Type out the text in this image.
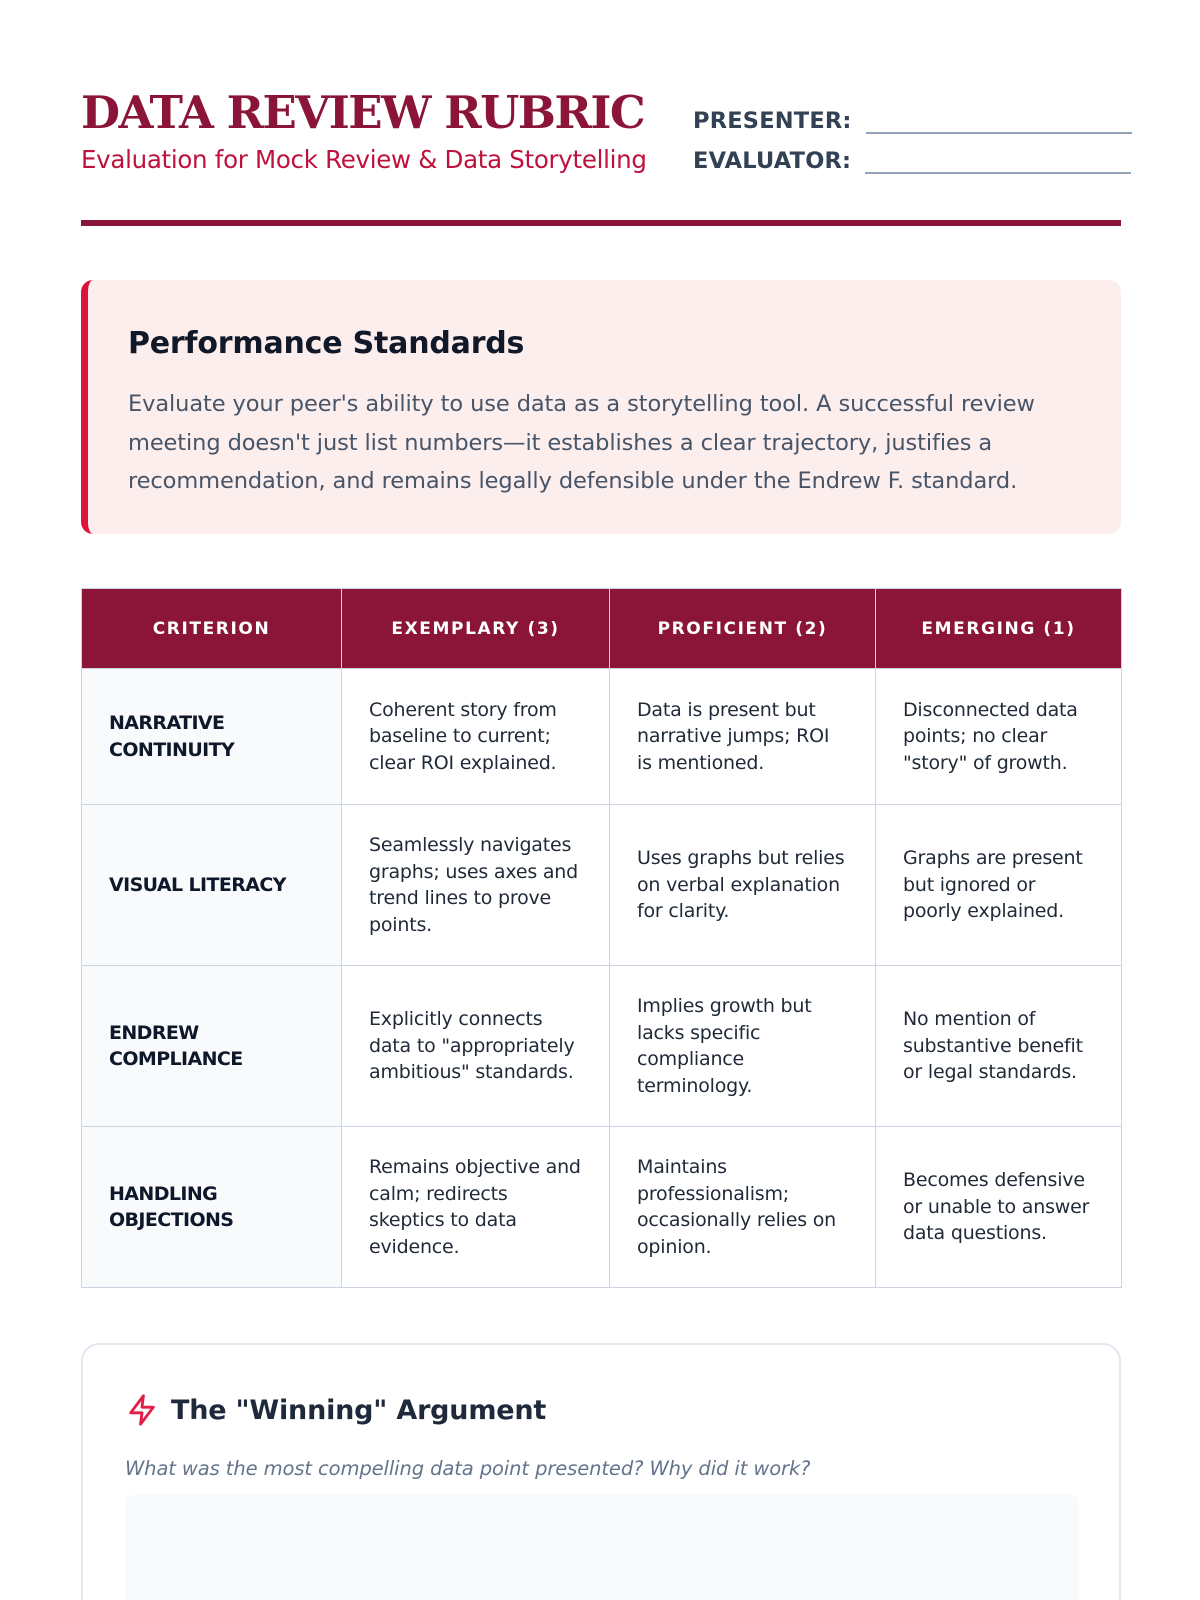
DATA REVIEW RUBRIC
Evaluation for Mock Review & Data Storytelling
PRESENTER:
EVALUATOR:
Performance Standards

Evaluate your peer's ability to use data as a storytelling tool. A successful review meeting doesn't just list numbers—it establishes a clear trajectory, justifies a recommendation, and remains legally defensible under the Endrew F. standard.

CRITERION	EXEMPLARY (3)	PROFICIENT (2)	EMERGING (1)
NARRATIVE CONTINUITY	Coherent story from baseline to current; clear ROI explained.	Data is present but narrative jumps; ROI is mentioned.	Disconnected data points; no clear "story" of growth.
VISUAL LITERACY	Seamlessly navigates graphs; uses axes and trend lines to prove points.	Uses graphs but relies on verbal explanation for clarity.	Graphs are present but ignored or poorly explained.
ENDREW COMPLIANCE	Explicitly connects data to "appropriately ambitious" standards.	Implies growth but lacks specific compliance terminology.	No mention of substantive benefit or legal standards.
HANDLING OBJECTIONS	Remains objective and calm; redirects skeptics to data evidence.	Maintains professionalism; occasionally relies on opinion.	Becomes defensive or unable to answer data questions.
The "Winning" Argument
What was the most compelling data point presented? Why did it work?
